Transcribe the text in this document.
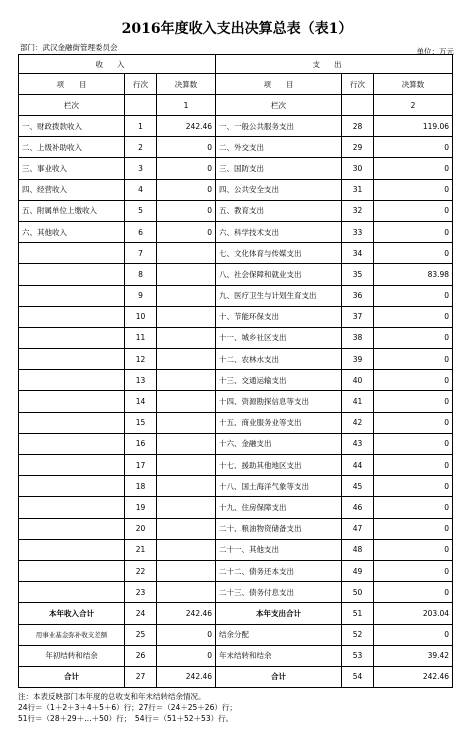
2016年度收入支出决算总表（表1）
部门：武汉金融街管理委员会	单位：万元
收入			支出		
项　　目	行次	决算数	项　　目	行次	决算数
栏次		1	栏次		2
一、财政拨款收入	1	242.46	一、一般公共服务支出	28	119.06
二、上级补助收入	2	0	二、外交支出	29	0
三、事业收入	3	0	三、国防支出	30	0
四、经营收入	4	0	四、公共安全支出	31	0
五、附属单位上缴收入	5	0	五、教育支出	32	0
六、其他收入	6	0	六、科学技术支出	33	0
	7		七、文化体育与传媒支出	34	0
	8		八、社会保障和就业支出	35	83.98
	9		九、医疗卫生与计划生育支出	36	0
	10		十、节能环保支出	37	0
	11		十一、城乡社区支出	38	0
	12		十二、农林水支出	39	0
	13		十三、交通运输支出	40	0
	14		十四、资源勘探信息等支出	41	0
	15		十五、商业服务业等支出	42	0
	16		十六、金融支出	43	0
	17		十七、援助其他地区支出	44	0
	18		十八、国土海洋气象等支出	45	0
	19		十九、住房保障支出	46	0
	20		二十、粮油物资储备支出	47	0
	21		二十一、其他支出	48	0
	22		二十二、债务还本支出	49	0
	23		二十三、债务付息支出	50	0
本年收入合计	24	242.46	本年支出合计	51	203.04
用事业基金弥补收支差额	25	0	结余分配	52	0
年初结转和结余	26	0	年末结转和结余	53	39.42
合计	27	242.46	合计	54	242.46
注：本表反映部门本年度的总收支和年末结转结余情况。
24行＝（1＋2＋3＋4＋5＋6）行；27行＝（24＋25＋26）行；
51行＝（28＋29＋…＋50）行；　54行＝（51＋52＋53）行。
